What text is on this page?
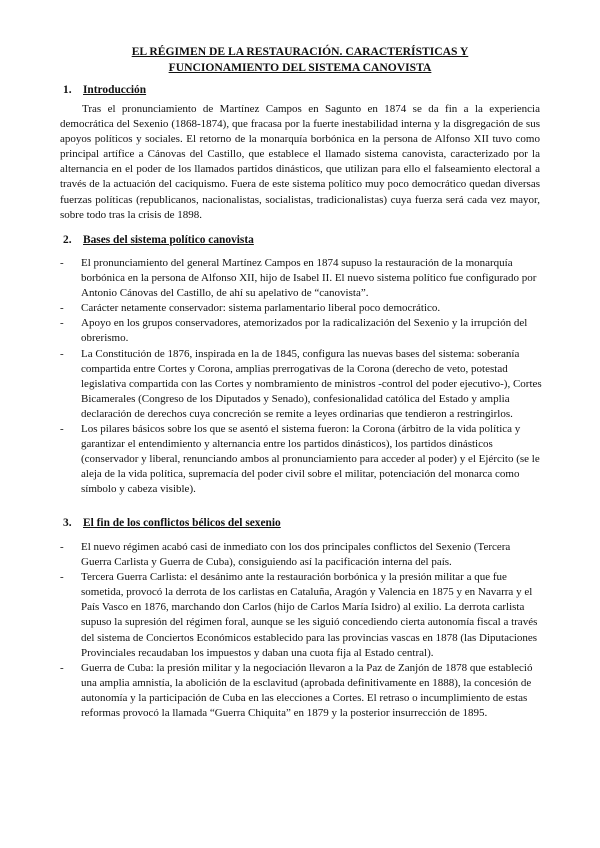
EL RÉGIMEN DE LA RESTAURACIÓN. CARACTERÍSTICAS Y
FUNCIONAMIENTO DEL SISTEMA CANOVISTA
1. Introducción

Tras el pronunciamiento de Martínez Campos en Sagunto en 1874 se da fin a la experiencia democrática del Sexenio (1868-1874), que fracasa por la fuerte inestabilidad interna y la disgregación de sus apoyos políticos y sociales. El retorno de la monarquía borbónica en la persona de Alfonso XII tuvo como principal artífice a Cánovas del Castillo, que establece el llamado sistema canovista, caracterizado por la alternancia en el poder de los llamados partidos dinásticos, que utilizan para ello el falseamiento electoral a través de la actuación del caciquismo. Fuera de este sistema político muy poco democrático quedan diversas fuerzas políticas (republicanos, nacionalistas, socialistas, tradicionalistas) cuya fuerza será cada vez mayor, sobre todo tras la crisis de 1898.

2. Bases del sistema político canovista
- El pronunciamiento del general Martínez Campos en 1874 supuso la restauración de la monarquía borbónica en la persona de Alfonso XII, hijo de Isabel II. El nuevo sistema político fue configurado por Antonio Cánovas del Castillo, de ahí su apelativo de “canovista”.
- Carácter netamente conservador: sistema parlamentario liberal poco democrático.
- Apoyo en los grupos conservadores, atemorizados por la radicalización del Sexenio y la irrupción del obrerismo.
- La Constitución de 1876, inspirada en la de 1845, configura las nuevas bases del sistema: soberanía compartida entre Cortes y Corona, amplias prerrogativas de la Corona (derecho de veto, potestad legislativa compartida con las Cortes y nombramiento de ministros -control del poder ejecutivo-), Cortes Bicamerales (Congreso de los Diputados y Senado), confesionalidad católica del Estado y amplia declaración de derechos cuya concreción se remite a leyes ordinarias que tendieron a restringirlos.
- Los pilares básicos sobre los que se asentó el sistema fueron: la Corona (árbitro de la vida política y garantizar el entendimiento y alternancia entre los partidos dinásticos), los partidos dinásticos (conservador y liberal, renunciando ambos al pronunciamiento para acceder al poder) y el Ejército (se le aleja de la vida política, supremacía del poder civil sobre el militar, potenciación del monarca como símbolo y cabeza visible).
3. El fin de los conflictos bélicos del sexenio
- El nuevo régimen acabó casi de inmediato con los dos principales conflictos del Sexenio (Tercera Guerra Carlista y Guerra de Cuba), consiguiendo así la pacificación interna del país.
- Tercera Guerra Carlista: el desánimo ante la restauración borbónica y la presión militar a que fue sometida, provocó la derrota de los carlistas en Cataluña, Aragón y Valencia en 1875 y en Navarra y el País Vasco en 1876, marchando don Carlos (hijo de Carlos María Isidro) al exilio. La derrota carlista supuso la supresión del régimen foral, aunque se les siguió concediendo cierta autonomía fiscal a través del sistema de Conciertos Económicos establecido para las provincias vascas en 1878 (las Diputaciones Provinciales recaudaban los impuestos y daban una cuota fija al Estado central).
- Guerra de Cuba: la presión militar y la negociación llevaron a la Paz de Zanjón de 1878 que estableció una amplia amnistía, la abolición de la esclavitud (aprobada definitivamente en 1888), la concesión de autonomía y la participación de Cuba en las elecciones a Cortes. El retraso o incumplimiento de estas reformas provocó la llamada “Guerra Chiquita” en 1879 y la posterior insurrección de 1895.
